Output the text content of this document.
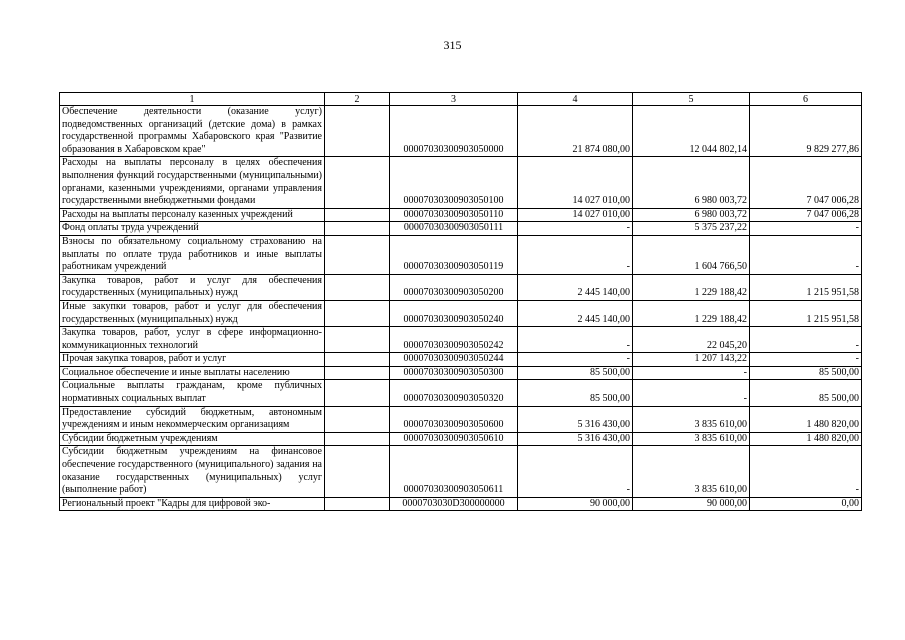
315
1	2	3	4	5	6
Обеспечение деятельности (оказание услуг) подведомственных организаций (детские дома) в рамках государственной программы Хабаровского края "Развитие образования в Хабаровском крае"		00007030300903050000	21 874 080,00	12 044 802,14	9 829 277,86
Расходы на выплаты персоналу в целях обеспечения выполнения функций государственными (муниципальными) органами, казенными учреждениями, органами управления государственными внебюджетными фондами		00007030300903050100	14 027 010,00	6 980 003,72	7 047 006,28
Расходы на выплаты персоналу казенных учреждений		00007030300903050110	14 027 010,00	6 980 003,72	7 047 006,28
Фонд оплаты труда учреждений		00007030300903050111	-	5 375 237,22	-
Взносы по обязательному социальному страхованию на выплаты по оплате труда работников и иные выплаты работникам учреждений		00007030300903050119	-	1 604 766,50	-
Закупка товаров, работ и услуг для обеспечения государственных (муниципальных) нужд		00007030300903050200	2 445 140,00	1 229 188,42	1 215 951,58
Иные закупки товаров, работ и услуг для обеспечения государственных (муниципальных) нужд		00007030300903050240	2 445 140,00	1 229 188,42	1 215 951,58
Закупка товаров, работ, услуг в сфере информационно-коммуникационных технологий		00007030300903050242	-	22 045,20	-
Прочая закупка товаров, работ и услуг		00007030300903050244	-	1 207 143,22	-
Социальное обеспечение и иные выплаты населению		00007030300903050300	85 500,00	-	85 500,00
Социальные выплаты гражданам, кроме публичных нормативных социальных выплат		00007030300903050320	85 500,00	-	85 500,00
Предоставление субсидий бюджетным, автономным учреждениям и иным некоммерческим организациям		00007030300903050600	5 316 430,00	3 835 610,00	1 480 820,00
Субсидии бюджетным учреждениям		00007030300903050610	5 316 430,00	3 835 610,00	1 480 820,00
Субсидии бюджетным учреждениям на финансовое обеспечение государственного (муниципального) задания на оказание государственных (муниципальных) услуг (выполнение работ)		00007030300903050611	-	3 835 610,00	-
Региональный проект "Кадры для цифровой эко-		0000703030D300000000	90 000,00	90 000,00	0,00
